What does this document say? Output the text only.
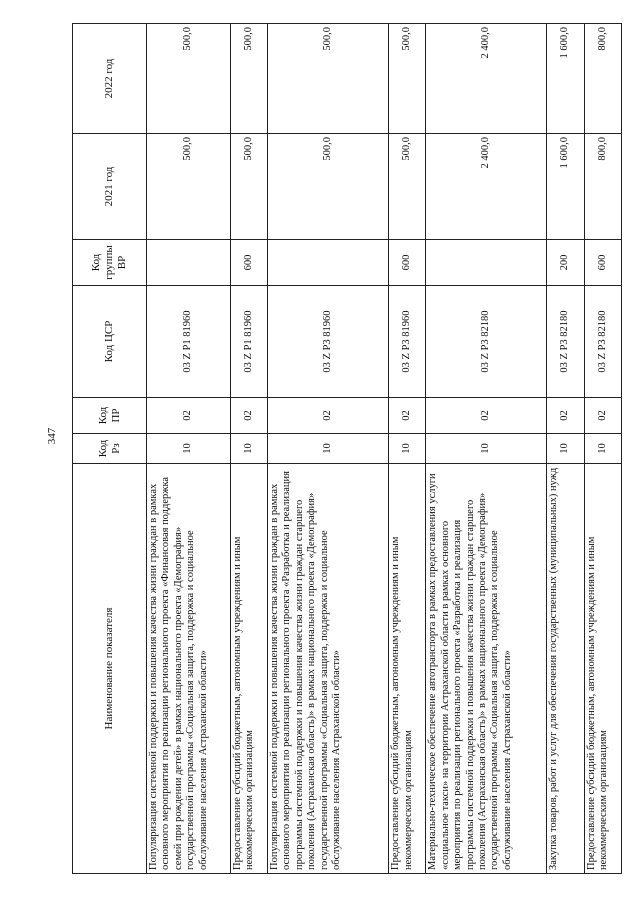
347
Наименование показателя	Код Рз	Код ПР	Код ЦСР	Код группы ВР	2021 год	2022 год
Популяризация системной поддержки и повышения качества жизни граждан в рамках основного мероприятия по реализации регионального проекта «Финансовая поддержка семей при рождении детей» в рамках национального проекта «Демография» государственной программы «Социальная защита, поддержка и социальное обслуживание населения Астраханской области»	10	02	03 Z P1 81960		500,0	500,0
Предоставление субсидий бюджетным, автономным учреждениям и иным некоммерческим организациям	10	02	03 Z P1 81960	600	500,0	500,0
Популяризация системной поддержки и повышения качества жизни граждан в рамках основного мероприятия по реализации регионального проекта «Разработка и реализация программы системной поддержки и повышения качества жизни граждан старшего поколения (Астраханская область)» в рамках национального проекта «Демография» государственной программы «Социальная защита, поддержка и социальное обслуживание населения Астраханской области»	10	02	03 Z P3 81960		500,0	500,0
Предоставление субсидий бюджетным, автономным учреждениям и иным некоммерческим организациям	10	02	03 Z P3 81960	600	500,0	500,0
Материально-техническое обеспечение автотранспорта в рамках предоставления услуги «социальное такси» на территории Астраханской области в рамках основного мероприятия по реализации регионального проекта «Разработка и реализация программы системной поддержки и повышения качества жизни граждан старшего поколения (Астраханская область)» в рамках национального проекта «Демография» государственной программы «Социальная защита, поддержка и социальное обслуживание населения Астраханской области»	10	02	03 Z P3 82180		2 400,0	2 400,0
Закупка товаров, работ и услуг для обеспечения государственных (муниципальных) нужд	10	02	03 Z P3 82180	200	1 600,0	1 600,0
Предоставление субсидий бюджетным, автономным учреждениям и иным некоммерческим организациям	10	02	03 Z P3 82180	600	800,0	800,0
